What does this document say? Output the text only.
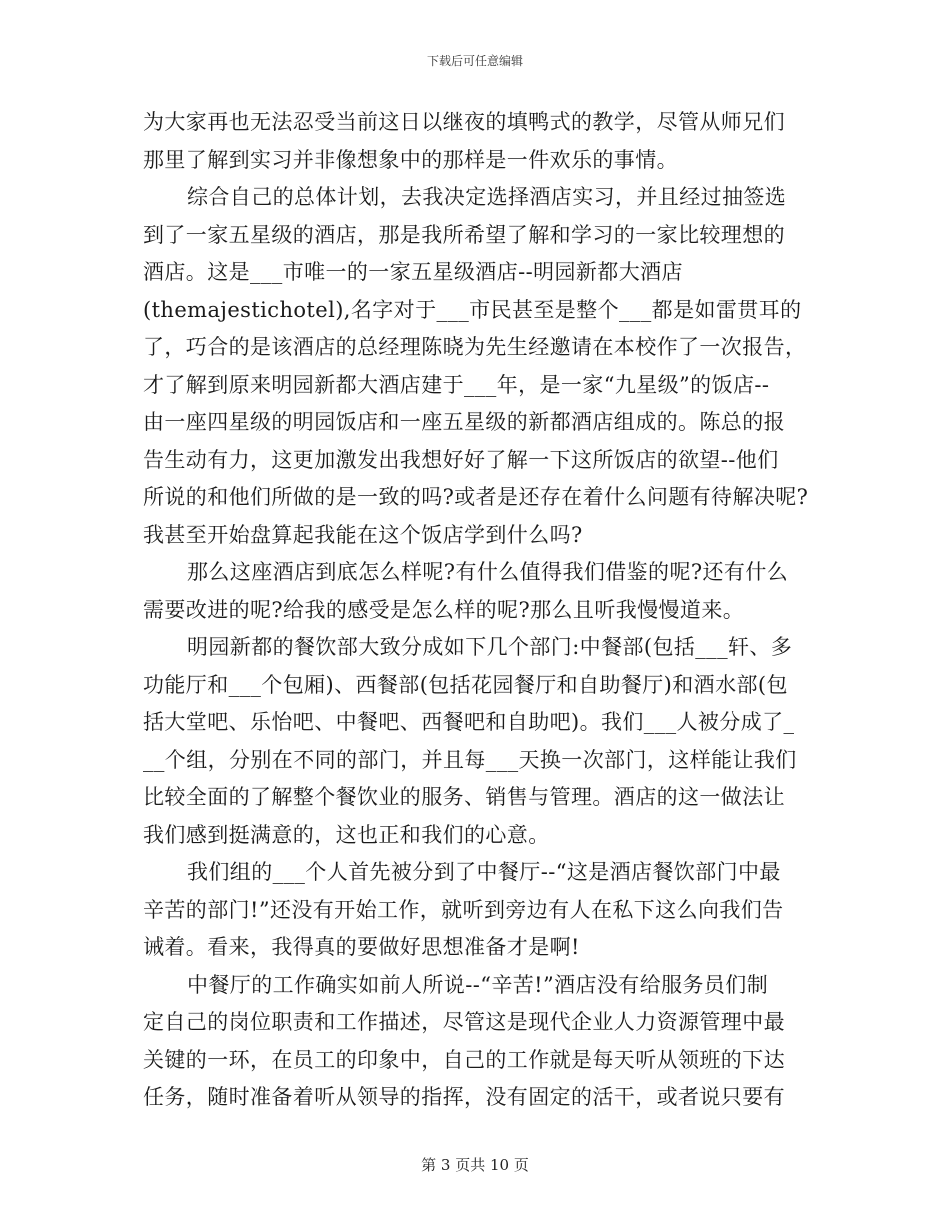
下载后可任意编辑
为大家再也无法忍受当前这日以继夜的填鸭式的教学，尽管从师兄们
那里了解到实习并非像想象中的那样是一件欢乐的事情。
综合自己的总体计划，去我决定选择酒店实习，并且经过抽签选
到了一家五星级的酒店，那是我所希望了解和学习的一家比较理想的
酒店。这是___市唯一的一家五星级酒店--明园新都大酒店
(themajestichotel),名字对于___市民甚至是整个___都是如雷贯耳的
了，巧合的是该酒店的总经理陈晓为先生经邀请在本校作了一次报告，
才了解到原来明园新都大酒店建于___年，是一家“九星级”的饭店--
由一座四星级的明园饭店和一座五星级的新都酒店组成的。陈总的报
告生动有力，这更加激发出我想好好了解一下这所饭店的欲望--他们
所说的和他们所做的是一致的吗?或者是还存在着什么问题有待解决呢?
我甚至开始盘算起我能在这个饭店学到什么吗?
那么这座酒店到底怎么样呢?有什么值得我们借鉴的呢?还有什么
需要改进的呢?给我的感受是怎么样的呢?那么且听我慢慢道来。
明园新都的餐饮部大致分成如下几个部门:中餐部(包括___轩、多
功能厅和___个包厢)、西餐部(包括花园餐厅和自助餐厅)和酒水部(包
括大堂吧、乐怡吧、中餐吧、西餐吧和自助吧)。我们___人被分成了_
__个组，分别在不同的部门，并且每___天换一次部门，这样能让我们
比较全面的了解整个餐饮业的服务、销售与管理。酒店的这一做法让
我们感到挺满意的，这也正和我们的心意。
我们组的___个人首先被分到了中餐厅--“这是酒店餐饮部门中最
辛苦的部门!”还没有开始工作，就听到旁边有人在私下这么向我们告
诫着。看来，我得真的要做好思想准备才是啊!
中餐厅的工作确实如前人所说--“辛苦!”酒店没有给服务员们制
定自己的岗位职责和工作描述，尽管这是现代企业人力资源管理中最
关键的一环，在员工的印象中，自己的工作就是每天听从领班的下达
任务，随时准备着听从领导的指挥，没有固定的活干，或者说只要有
第 3 页共 10 页
